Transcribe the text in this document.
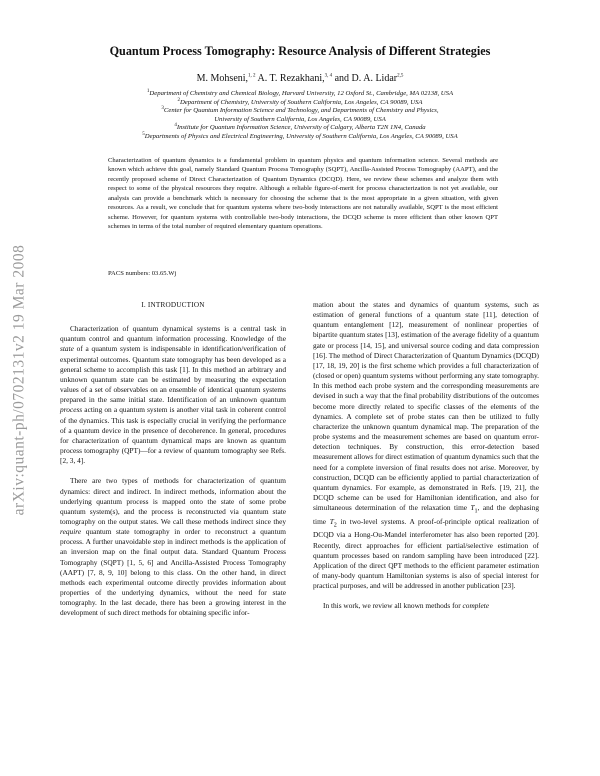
arXiv:quant-ph/0702131v2 19 Mar 2008
Quantum Process Tomography: Resource Analysis of Different Strategies
M. Mohseni,$^{1, 2}$ A. T. Rezakhani,$^{3, 4}$ and D. A. Lidar$^{2,5}$
$^1$Department of Chemistry and Chemical Biology, Harvard University, 12 Oxford St., Cambridge, MA 02138, USA
$^2$Department of Chemistry, University of Southern California, Los Angeles, CA 90089, USA
$^3$Center for Quantum Information Science and Technology, and Departments of Chemistry and Physics,
University of Southern California, Los Angeles, CA 90089, USA
$^4$Institute for Quantum Information Science, University of Calgary, Alberta T2N 1N4, Canada
$^5$Departments of Physics and Electrical Engineering, University of Southern California, Los Angeles, CA 90089, USA
Characterization of quantum dynamics is a fundamental problem in quantum physics and quantum information science. Several methods are known which achieve this goal, namely Standard Quantum Process Tomography (SQPT), Ancilla-Assisted Process Tomography (AAPT), and the recently proposed scheme of Direct Characterization of Quantum Dynamics (DCQD). Here, we review these schemes and analyze them with respect to some of the physical resources they require. Although a reliable figure-of-merit for process characterization is not yet available, our analysis can provide a benchmark which is necessary for choosing the scheme that is the most appropriate in a given situation, with given resources. As a result, we conclude that for quantum systems where two-body interactions are not naturally available, SQPT is the most efficient scheme. However, for quantum systems with controllable two-body interactions, the DCQD scheme is more efficient than other known QPT schemes in terms of the total number of required elementary quantum operations.
PACS numbers: 03.65.Wj
I. INTRODUCTION

Characterization of quantum dynamical systems is a central task in quantum control and quantum information processing. Knowledge of the state of a quantum system is indispensable in identification/verification of experimental outcomes. Quantum state tomography has been developed as a general scheme to accomplish this task [1]. In this method an arbitrary and unknown quantum state can be estimated by measuring the expectation values of a set of observables on an ensemble of identical quantum systems prepared in the same initial state. Identification of an unknown quantum process acting on a quantum system is another vital task in coherent control of the dynamics. This task is especially crucial in verifying the performance of a quantum device in the presence of decoherence. In general, procedures for characterization of quantum dynamical maps are known as quantum process tomography (QPT)—for a review of quantum tomography see Refs. [2, 3, 4].

There are two types of methods for characterization of quantum dynamics: direct and indirect. In indirect methods, information about the underlying quantum process is mapped onto the state of some probe quantum system(s), and the process is reconstructed via quantum state tomography on the output states. We call these methods indirect since they require quantum state tomography in order to reconstruct a quantum process. A further unavoidable step in indirect methods is the application of an inversion map on the final output data. Standard Quantum Process Tomography (SQPT) [1, 5, 6] and Ancilla-Assisted Process Tomography (AAPT) [7, 8, 9, 10] belong to this class. On the other hand, in direct methods each experimental outcome directly provides information about properties of the underlying dynamics, without the need for state tomography. In the last decade, there has been a growing interest in the development of such direct methods for obtaining specific infor-

mation about the states and dynamics of quantum systems, such as estimation of general functions of a quantum state [11], detection of quantum entanglement [12], measurement of nonlinear properties of bipartite quantum states [13], estimation of the average fidelity of a quantum gate or process [14, 15], and universal source coding and data compression [16]. The method of Direct Characterization of Quantum Dynamics (DCQD) [17, 18, 19, 20] is the first scheme which provides a full characterization of (closed or open) quantum systems without performing any state tomography. In this method each probe system and the corresponding measurements are devised in such a way that the final probability distributions of the outcomes become more directly related to specific classes of the elements of the dynamics. A complete set of probe states can then be utilized to fully characterize the unknown quantum dynamical map. The preparation of the probe systems and the measurement schemes are based on quantum error-detection techniques. By construction, this error-detection based measurement allows for direct estimation of quantum dynamics such that the need for a complete inversion of final results does not arise. Moreover, by construction, DCQD can be efficiently applied to partial characterization of quantum dynamics. For example, as demonstrated in Refs. [19, 21], the DCQD scheme can be used for Hamiltonian identification, and also for simultaneous determination of the relaxation time $T_1$, and the dephasing time $T_2$ in two-level systems. A proof-of-principle optical realization of DCQD via a Hong-Ou-Mandel interferometer has also been reported [20]. Recently, direct approaches for efficient partial/selective estimation of quantum processes based on random sampling have been introduced [22]. Application of the direct QPT methods to the efficient parameter estimation of many-body quantum Hamiltonian systems is also of special interest for practical purposes, and will be addressed in another publication [23].

In this work, we review all known methods for complete
